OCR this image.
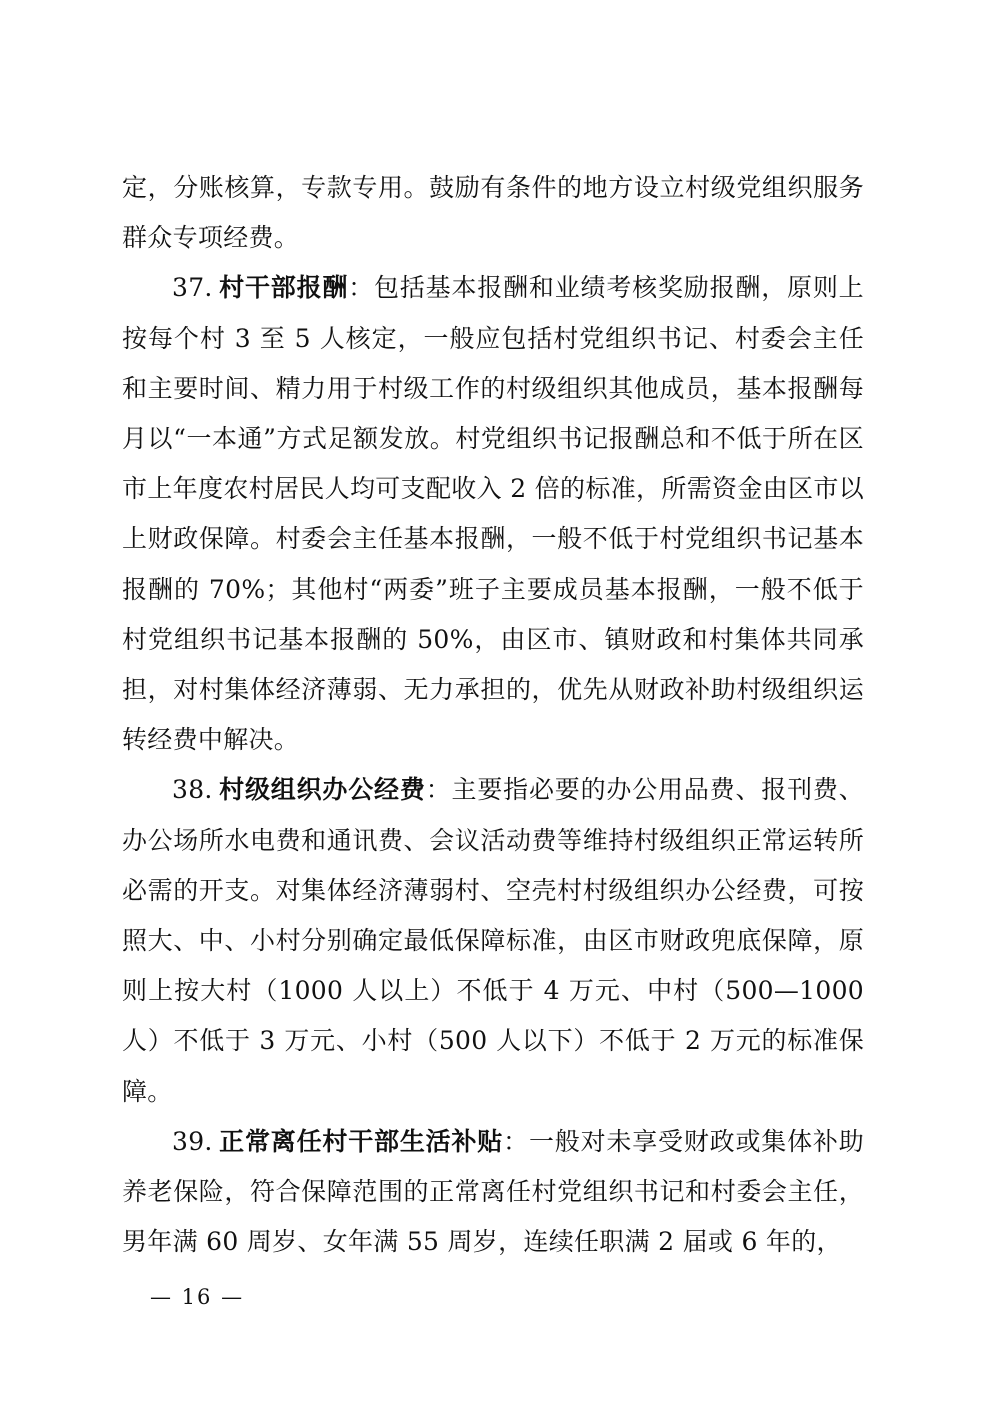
定，分账核算，专款专用。鼓励有条件的地方设立村级党组织服务群众专项经费。

37. 村干部报酬：包括基本报酬和业绩考核奖励报酬，原则上按每个村 3 至 5 人核定，一般应包括村党组织书记、村委会主任和主要时间、精力用于村级工作的村级组织其他成员，基本报酬每月以“一本通”方式足额发放。村党组织书记报酬总和不低于所在区市上年度农村居民人均可支配收入 2 倍的标准，所需资金由区市以上财政保障。村委会主任基本报酬，一般不低于村党组织书记基本报酬的 70%；其他村“两委”班子主要成员基本报酬，一般不低于村党组织书记基本报酬的 50%，由区市、镇财政和村集体共同承担，对村集体经济薄弱、无力承担的，优先从财政补助村级组织运转经费中解决。

38. 村级组织办公经费：主要指必要的办公用品费、报刊费、办公场所水电费和通讯费、会议活动费等维持村级组织正常运转所必需的开支。对集体经济薄弱村、空壳村村级组织办公经费，可按照大、中、小村分别确定最低保障标准，由区市财政兜底保障，原则上按大村（1000 人以上）不低于 4 万元、中村（500—1000 人）不低于 3 万元、小村（500 人以下）不低于 2 万元的标准保障。

39. 正常离任村干部生活补贴：一般对未享受财政或集体补助养老保险，符合保障范围的正常离任村党组织书记和村委会主任，男年满 60 周岁、女年满 55 周岁，连续任职满 2 届或 6 年的，

— 16 —
